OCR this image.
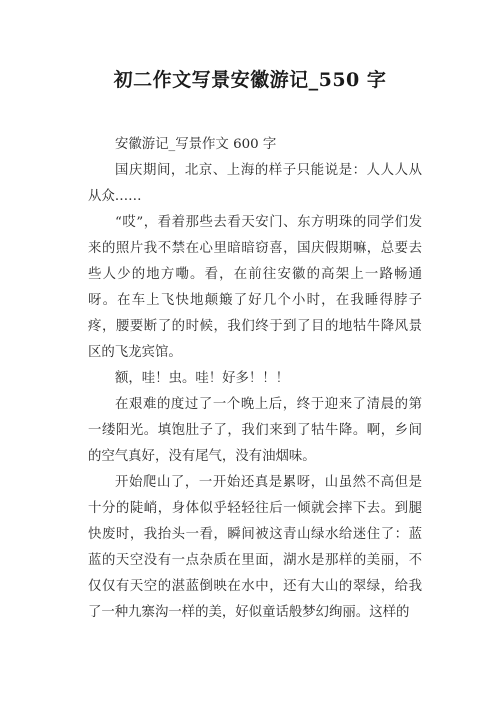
初二作文写景安徽游记_550 字

安徽游记_写景作文 600 字

国庆期间，北京、上海的样子只能说是：人人人从从众……

“哎”，看着那些去看天安门、东方明珠的同学们发来的照片我不禁在心里暗暗窃喜，国庆假期嘛，总要去些人少的地方嘞。看，在前往安徽的高架上一路畅通呀。在车上飞快地颠簸了好几个小时，在我睡得脖子疼，腰要断了的时候，我们终于到了目的地牯牛降风景区的飞龙宾馆。

额，哇！虫。哇！好多！！！

在艰难的度过了一个晚上后，终于迎来了清晨的第一缕阳光。填饱肚子了，我们来到了牯牛降。啊，乡间的空气真好，没有尾气，没有油烟味。

开始爬山了，一开始还真是累呀，山虽然不高但是十分的陡峭，身体似乎轻轻往后一倾就会摔下去。到腿快废时，我抬头一看，瞬间被这青山绿水给迷住了：蓝蓝的天空没有一点杂质在里面，湖水是那样的美丽，不仅仅有天空的湛蓝倒映在水中，还有大山的翠绿，给我了一种九寨沟一样的美，好似童话般梦幻绚丽。这样的
